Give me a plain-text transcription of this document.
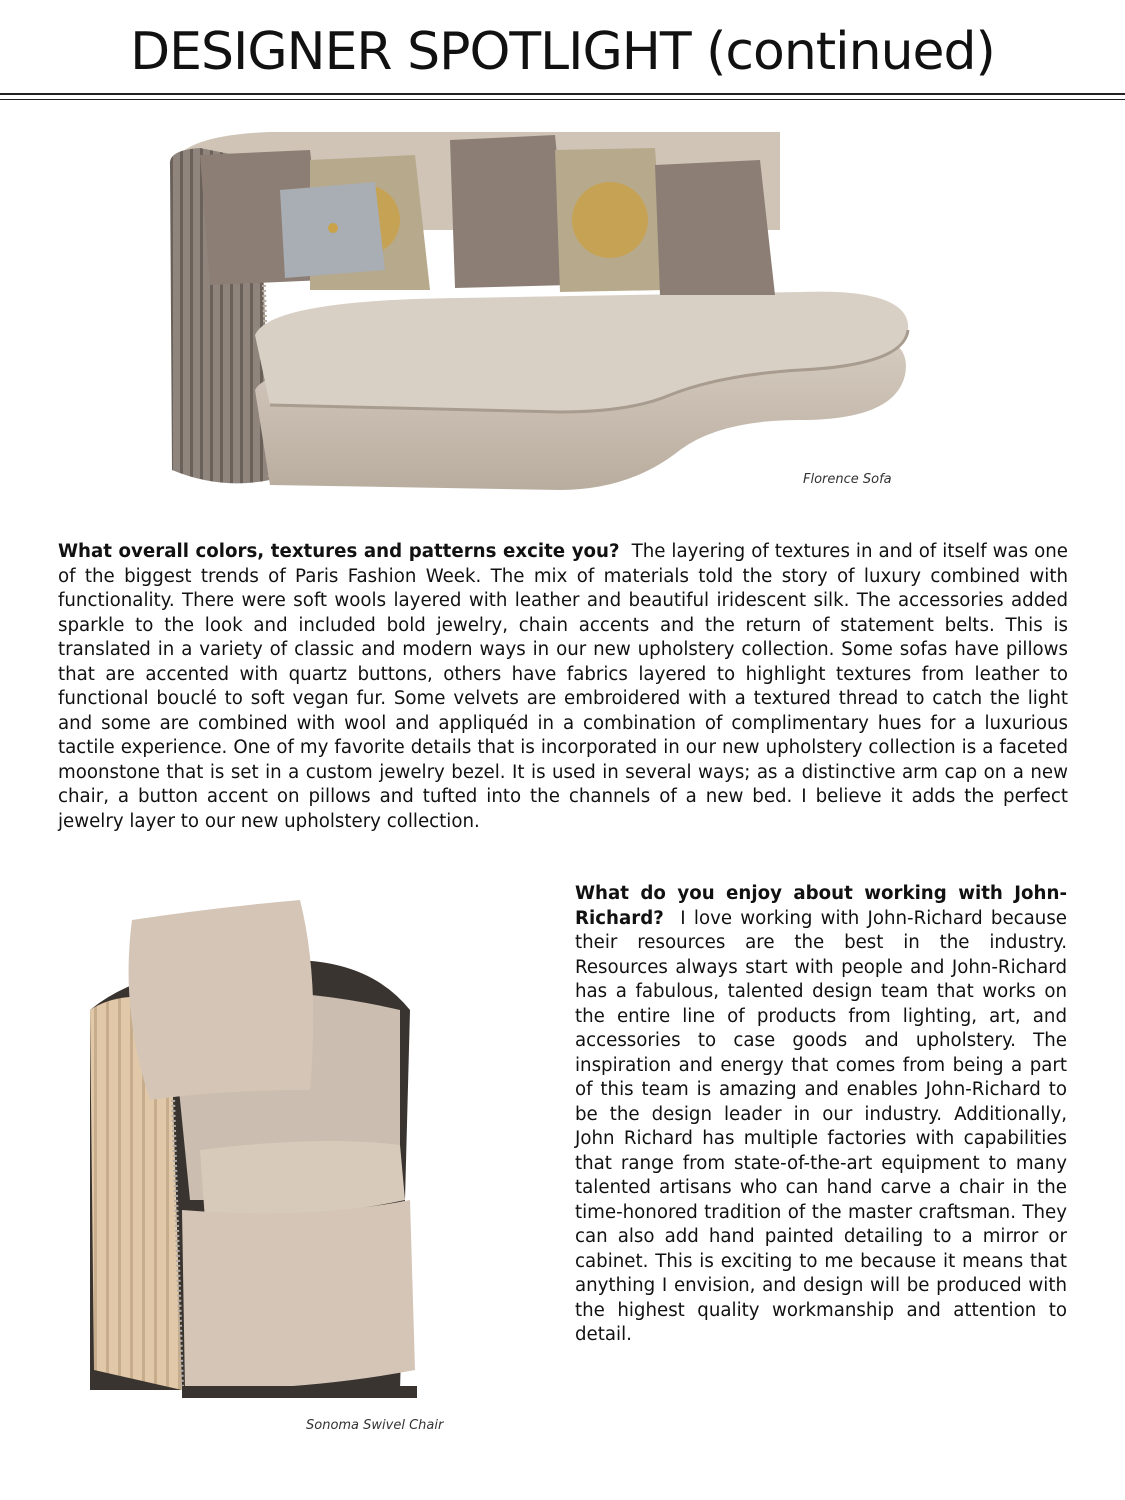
DESIGNER SPOTLIGHT (continued)
Florence Sofa

What overall colors, textures and patterns excite you? The layering of textures in and of itself was one of the biggest trends of Paris Fashion Week. The mix of materials told the story of luxury combined with functionality. There were soft wools layered with leather and beautiful iridescent silk. The accessories added sparkle to the look and included bold jewelry, chain accents and the return of statement belts. This is translated in a variety of classic and modern ways in our new upholstery collection. Some sofas have pillows that are accented with quartz buttons, others have fabrics layered to highlight textures from leather to functional bouclé to soft vegan fur. Some velvets are embroidered with a textured thread to catch the light and some are combined with wool and appliquéd in a combination of complimentary hues for a luxurious tactile experience. One of my favorite details that is incorporated in our new upholstery collection is a faceted moonstone that is set in a custom jewelry bezel. It is used in several ways; as a distinctive arm cap on a new chair, a button accent on pillows and tufted into the channels of a new bed. I believe it adds the perfect jewelry layer to our new upholstery collection.

Sonoma Swivel Chair

What do you enjoy about working with John-Richard? I love working with John-Richard because their resources are the best in the industry. Resources always start with people and John-Richard has a fabulous, talented design team that works on the entire line of products from lighting, art, and accessories to case goods and upholstery. The inspiration and energy that comes from being a part of this team is amazing and enables John-Richard to be the design leader in our industry. Additionally, John Richard has multiple factories with capabilities that range from state-of-the-art equipment to many talented artisans who can hand carve a chair in the time-honored tradition of the master craftsman. They can also add hand painted detailing to a mirror or cabinet. This is exciting to me because it means that anything I envision, and design will be produced with the highest quality workmanship and attention to detail.
